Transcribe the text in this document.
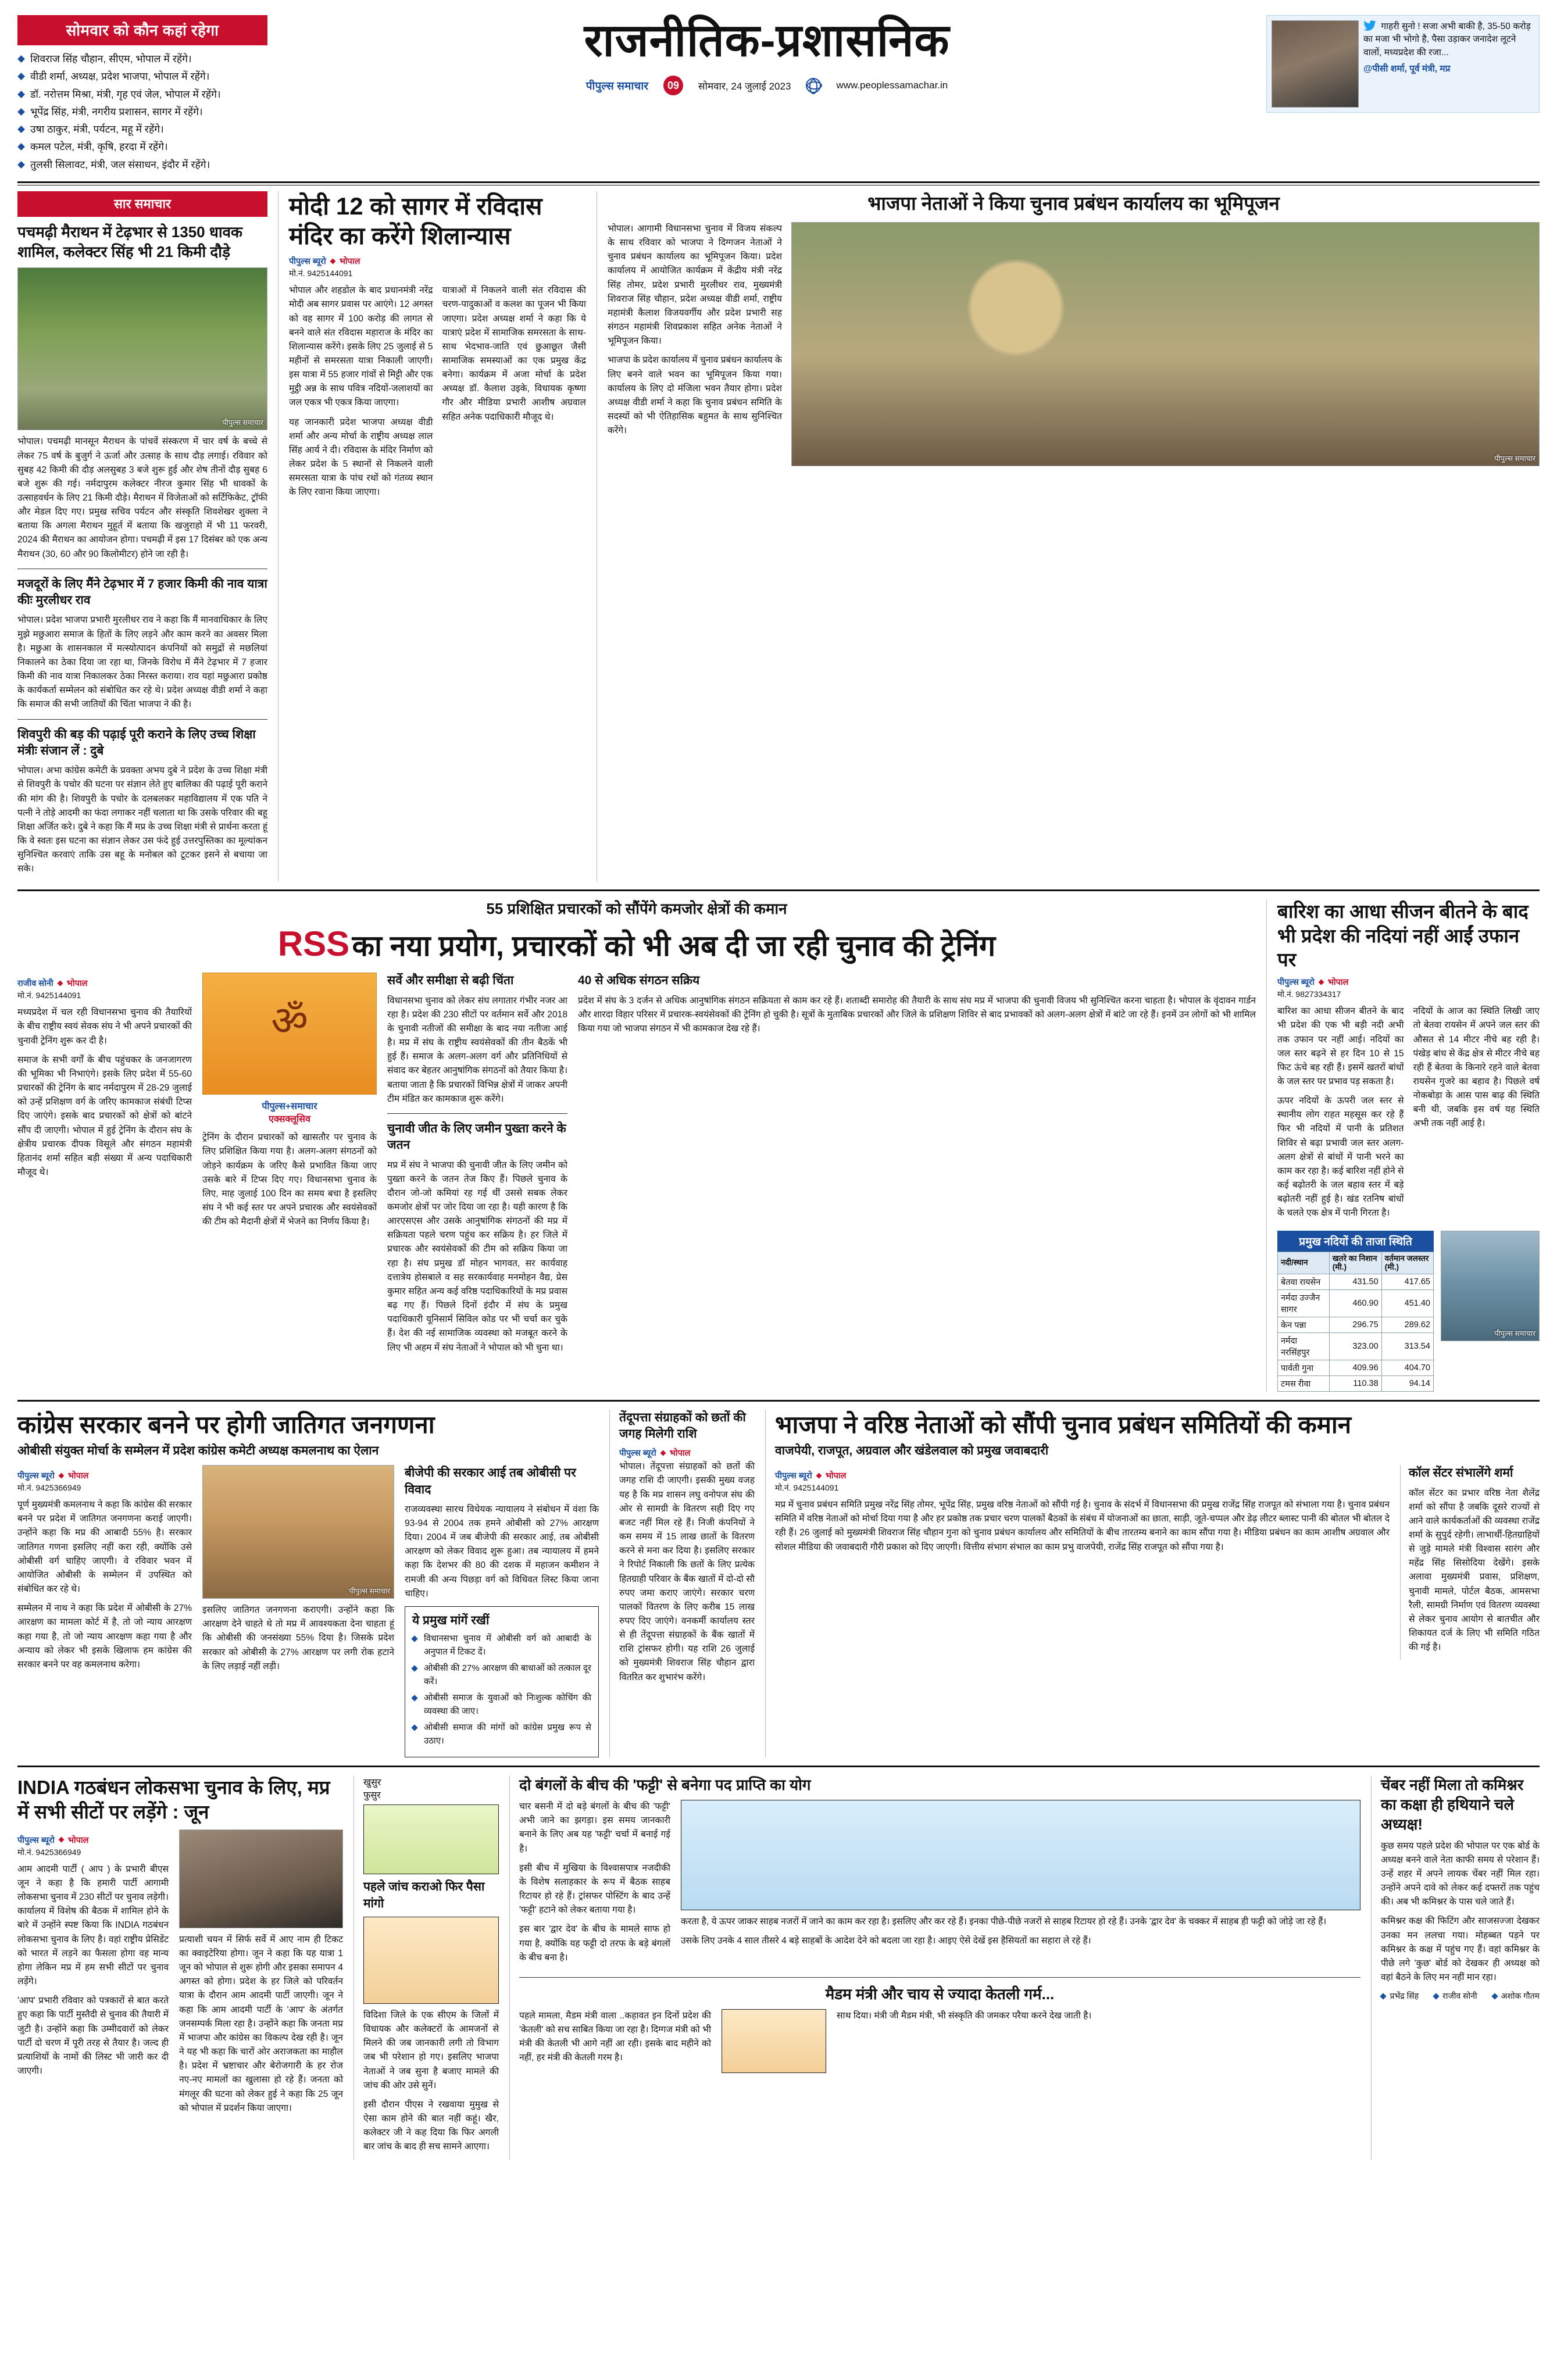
सोमवार को कौन कहां रहेगा
शिवराज सिंह चौहान, सीएम, भोपाल में रहेंगे।
वीडी शर्मा, अध्यक्ष, प्रदेश भाजपा, भोपाल में रहेंगे।
डॉ. नरोत्तम मिश्रा, मंत्री, गृह एवं जेल, भोपाल में रहेंगे।
भूपेंद्र सिंह, मंत्री, नगरीय प्रशासन, सागर में रहेंगे।
उषा ठाकुर, मंत्री, पर्यटन, महू में रहेंगे।
कमल पटेल, मंत्री, कृषि, हरदा में रहेंगे।
तुलसी सिलावट, मंत्री, जल संसाधन, इंदौर में रहेंगे।
राजनीतिक-प्रशासनिक
पीपुल्स समाचार	09	सोमवार, 24 जुलाई 2023	www.peoplessamachar.in
गाहरी सुनो ! सजा अभी बाकी है, 35-50 करोड़ का मजा भी भोगो है, पैसा उड़ाकर जनादेश लूटने वालों, मध्यप्रदेश की रजा...
@पीसी शर्मा, पूर्व मंत्री, मप्र
सार समाचार
पचमढ़ी मैराथन में टेढ़भार से 1350 धावक शामिल, कलेक्टर सिंह भी 21 किमी दौड़े
पीपुल्स समाचार

भोपाल। पचमढ़ी मानसून मैराथन के पांचवें संस्करण में चार वर्ष के बच्चे से लेकर 75 वर्ष के बुजुर्ग ने ऊर्जा और उत्साह के साथ दौड़ लगाई। रविवार को सुबह 42 किमी की दौड़ अलसुबह 3 बजे शुरू हुई और शेष तीनों दौड़ सुबह 6 बजे शुरू की गई। नर्मदापुरम कलेक्टर नीरज कुमार सिंह भी धावकों के उत्साहवर्धन के लिए 21 किमी दौड़े। मैराथन में विजेताओं को सर्टिफिकेट, ट्रॉफी और मेडल दिए गए। प्रमुख सचिव पर्यटन और संस्कृति शिवशेखर शुक्ला ने बताया कि अगला मैराथन मुहूर्त में बताया कि खजुराहो में भी 11 फरवरी, 2024 की मैराथन का आयोजन होगा। पचमढ़ी में इस 17 दिसंबर को एक अन्य मैराथन (30, 60 और 90 किलोमीटर) होने जा रही है।

मजदूरों के लिए मैंने टेढ़भार में 7 हजार किमी की नाव यात्रा कीः मुरलीधर राव

भोपाल। प्रदेश भाजपा प्रभारी मुरलीधर राव ने कहा कि मैं मानवाधिकार के लिए मुझे मछुआरा समाज के हितों के लिए लड़ने और काम करने का अवसर मिला है। मछुआ के शासनकाल में मत्स्योत्पादन कंपनियों को समुद्रों से मछलियां निकालने का ठेका दिया जा रहा था, जिनके विरोध में मैंने टेढ़भार में 7 हजार किमी की नाव यात्रा निकालकर ठेका निरस्त कराया। राव यहां मछुआरा प्रकोष्ठ के कार्यकर्ता सम्मेलन को संबोधित कर रहे थे। प्रदेश अध्यक्ष वीडी शर्मा ने कहा कि समाज की सभी जातियों की चिंता भाजपा ने की है।

शिवपुरी की बड़ की पढ़ाई पूरी कराने के लिए उच्च शिक्षा मंत्रीः संजान लें : दुबे

भोपाल। अभा कांग्रेस कमेटी के प्रवक्ता अभय दुबे ने प्रदेश के उच्च शिक्षा मंत्री से शिवपुरी के पचोर की घटना पर संज्ञान लेते हुए बालिका की पढ़ाई पूरी कराने की मांग की है। शिवपुरी के पचोर के दलबलकर महाविद्यालय में एक पति ने पत्नी ने तोड़े आदमी का फंदा लगाकर नहीं चलाता था कि उसके परिवार की बहू शिक्षा अर्जित करे। दुबे ने कहा कि मैं मप्र के उच्च शिक्षा मंत्री से प्रार्थना करता हूं कि वे स्वतः इस घटना का संज्ञान लेकर उस फंदे हुई उत्तरपुस्तिका का मूल्यांकन सुनिश्चित करवाएं ताकि उस बहू के मनोबल को टूटकर इसने से बचाया जा सके।

मोदी 12 को सागर में रविदास मंदिर का करेंगे शिलान्यास
पीपुल्स ब्यूरो भोपाल
मो.नं. 9425144091

भोपाल और शहडोल के बाद प्रधानमंत्री नरेंद्र मोदी अब सागर प्रवास पर आएंगे। 12 अगस्त को वह सागर में 100 करोड़ की लागत से बनने वाले संत रविदास महाराज के मंदिर का शिलान्यास करेंगे। इसके लिए 25 जुलाई से 5 महीनों से समरसता यात्रा निकाली जाएगी। इस यात्रा में 55 हजार गांवों से मिट्टी और एक मुट्ठी अन्न के साथ पवित्र नदियों-जलाशयों का जल एकत्र भी एकत्र किया जाएगा।

यह जानकारी प्रदेश भाजपा अध्यक्ष वीडी शर्मा और अन्य मोर्चा के राष्ट्रीय अध्यक्ष लाल सिंह आर्य ने दी। रविदास के मंदिर निर्माण को लेकर प्रदेश के 5 स्थानों से निकलने वाली समरसता यात्रा के पांच रथों को गंतव्य स्थान के लिए रवाना किया जाएगा।

यात्राओं में निकलने वाली संत रविदास की चरण-पादुकाओं व कलश का पूजन भी किया जाएगा। प्रदेश अध्यक्ष शर्मा ने कहा कि ये यात्राएं प्रदेश में सामाजिक समरसता के साथ-साथ भेदभाव-जाति एवं छुआछूत जैसी सामाजिक समस्याओं का एक प्रमुख केंद्र बनेगा। कार्यक्रम में अजा मोर्चा के प्रदेश अध्यक्ष डॉ. कैलाश उइके, विधायक कृष्णा गौर और मीडिया प्रभारी आशीष अग्रवाल सहित अनेक पदाधिकारी मौजूद थे।

भाजपा नेताओं ने किया चुनाव प्रबंधन कार्यालय का भूमिपूजन

भोपाल। आगामी विधानसभा चुनाव में विजय संकल्प के साथ रविवार को भाजपा ने दिग्गजन नेताओं ने चुनाव प्रबंधन कार्यालय का भूमिपूजन किया। प्रदेश कार्यालय में आयोजित कार्यक्रम में केंद्रीय मंत्री नरेंद्र सिंह तोमर, प्रदेश प्रभारी मुरलीधर राव, मुख्यमंत्री शिवराज सिंह चौहान, प्रदेश अध्यक्ष वीडी शर्मा, राष्ट्रीय महामंत्री कैलाश विजयवर्गीय और प्रदेश प्रभारी सह संगठन महामंत्री शिवप्रकाश सहित अनेक नेताओं ने भूमिपूजन किया।

भाजपा के प्रदेश कार्यालय में चुनाव प्रबंधन कार्यालय के लिए बनने वाले भवन का भूमिपूजन किया गया। कार्यालय के लिए दो मंजिला भवन तैयार होगा। प्रदेश अध्यक्ष वीडी शर्मा ने कहा कि चुनाव प्रबंधन समिति के सदस्यों को भी ऐतिहासिक बहुमत के साथ सुनिश्चित करेंगे।

पीपुल्स समाचार
55 प्रशिक्षित प्रचारकों को सौंपेंगे कमजोर क्षेत्रों की कमान
RSS का नया प्रयोग, प्रचारकों को भी अब दी जा रही चुनाव की ट्रेनिंग
राजीव सोनी भोपाल
मो.नं. 9425144091

मध्यप्रदेश में चल रही विधानसभा चुनाव की तैयारियों के बीच राष्ट्रीय स्वयं सेवक संघ ने भी अपने प्रचारकों की चुनावी ट्रेनिंग शुरू कर दी है।

समाज के सभी वर्गों के बीच पहुंचकर के जनजागरण की भूमिका भी निभाएंगे। इसके लिए प्रदेश में 55-60 प्रचारकों की ट्रेनिंग के बाद नर्मदापुरम में 28-29 जुलाई को उन्हें प्रशिक्षण वर्ग के जरिए कामकाज संबंधी टिप्स दिए जाएंगे। इसके बाद प्रचारकों को क्षेत्रों को बांटने सौंप दी जाएगी। भोपाल में हुई ट्रेनिंग के दौरान संघ के क्षेत्रीय प्रचारक दीपक विसूले और संगठन महामंत्री हितानंद शर्मा सहित बड़ी संख्या में अन्य पदाधिकारी मौजूद थे।

ॐ
पीपुल्स+समाचार
एक्सक्लूसिव

ट्रेनिंग के दौरान प्रचारकों को खासतौर पर चुनाव के लिए प्रशिक्षित किया गया है। अलग-अलग संगठनों को जोड़ने कार्यक्रम के जरिए कैसे प्रभावित किया जाए उसके बारे में टिप्स दिए गए। विधानसभा चुनाव के लिए, माह जुलाई 100 दिन का समय बचा है इसलिए संघ ने भी कई स्तर पर अपने प्रचारक और स्वयंसेवकों की टीम को मैदानी क्षेत्रों में भेजने का निर्णय किया है।

सर्वे और समीक्षा से बढ़ी चिंता

विधानसभा चुनाव को लेकर संघ लगातार गंभीर नजर आ रहा है। प्रदेश की 230 सीटों पर वर्तमान सर्वे और 2018 के चुनावी नतीजों की समीक्षा के बाद नया नतीजा आई है। मप्र में संघ के राष्ट्रीय स्वयंसेवकों की तीन बैठकें भी हुई हैं। समाज के अलग-अलग वर्ग और प्रतिनिधियों से संवाद कर बेहतर आनुषांगिक संगठनों को तैयार किया है। बताया जाता है कि प्रचारकों विभिन्न क्षेत्रों में जाकर अपनी टीम मंडित कर कामकाज शुरू करेंगे।

चुनावी जीत के लिए जमीन पुख्ता करने के जतन

मप्र में संघ ने भाजपा की चुनावी जीत के लिए जमीन को पुख्ता करने के जतन तेज किए हैं। पिछले चुनाव के दौरान जो-जो कमियां रह गई थीं उससे सबक लेकर कमजोर क्षेत्रों पर जोर दिया जा रहा है। यही कारण है कि आरएसएस और उसके आनुषांगिक संगठनों की मप्र में सक्रियता पहले चरण पहुंच कर सक्रिय है। हर जिले में प्रचारक और स्वयंसेवकों की टीम को सक्रिय किया जा रहा है। संघ प्रमुख डॉ मोहन भागवत, सर कार्यवाह दत्तात्रेय होसबाले व सह सरकार्यवाह मनमोहन वैद्य, प्रेस कुमार सहित अन्य कई वरिष्ठ पदाधिकारियों के मप्र प्रवास बढ़ गए हैं। पिछले दिनों इंदौर में संघ के प्रमुख पदाधिकारी यूनिसार्म सिविल कोड पर भी चर्चा कर चुके हैं। देश की नई सामाजिक व्यवस्था को मजबूत करने के लिए भी अहम में संघ नेताओं ने भोपाल को भी चुना था।

40 से अधिक संगठन सक्रिय

प्रदेश में संघ के 3 दर्जन से अधिक आनुषांगिक संगठन सक्रियता से काम कर रहे हैं। शताब्दी समारोह की तैयारी के साथ संघ मप्र में भाजपा की चुनावी विजय भी सुनिश्चित करना चाहता है। भोपाल के वृंदावन गार्डन और शारदा विहार परिसर में प्रचारक-स्वयंसेवकों की ट्रेनिंग हो चुकी है। सूत्रों के मुताबिक प्रचारकों और जिले के प्रशिक्षण शिविर से बाद प्रभावकों को अलग-अलग क्षेत्रों में बांटे जा रहे हैं। इनमें उन लोगों को भी शामिल किया गया जो भाजपा संगठन में भी कामकाज देख रहे हैं।

बारिश का आधा सीजन बीतने के बाद भी प्रदेश की नदियां नहीं आईं उफान पर
पीपुल्स ब्यूरो भोपाल
मो.नं. 9827334317

बारिश का आधा सीजन बीतने के बाद भी प्रदेश की एक भी बड़ी नदी अभी तक उफान पर नहीं आई। नदियों का जल स्तर बढ़ने से हर दिन 10 से 15 फिट ऊंचे बह रही हैं। इसमें खतरों बांधों के जल स्तर पर प्रभाव पड़ सकता है।

ऊपर नदियों के ऊपरी जल स्तर से स्थानीय लोग राहत महसूस कर रहे हैं फिर भी नदियों में पानी के प्रतिशत शिविर से बढ़ा प्रभावी जल स्तर अलग-अलग क्षेत्रों से बांधों में पानी भरने का काम कर रहा है। कई बारिश नहीं होने से कई बढ़ोतरी के जल बहाव स्तर में बड़े बढ़ोतरी नहीं हुई है। खंड रतनिष बांधों के चलते एक क्षेत्र में पानी गिरता है।

नदियों के आज का स्थिति लिखी जाए तो बेतवा रायसेन में अपने जल स्तर की औसत से 14 मीटर नीचे बह रही है। पंखेड़ बांध से केंद्र क्षेत्र से मीटर नीचे बह रही हैं बेतवा के किनारे रहने वाले बेतवा रायसेन गुजरे का बहाव है। पिछले वर्ष नोकबोड़ा के आस पास बाढ़ की स्थिति बनी थी, जबकि इस वर्ष यह स्थिति अभी तक नहीं आई है।

प्रमुख नदियों की ताजा स्थिति
नदी/स्थान	खतरे का निशान (मी.)	वर्तमान जलस्तर (मी.)
बेतवा रायसेन	431.50	417.65
नर्मदा उज्जैन सागर	460.90	451.40
केन पन्ना	296.75	289.62
नर्मदा नरसिंहपुर	323.00	313.54
पार्वती गुना	409.96	404.70
टमस रीवा	110.38	94.14
पीपुल्स समाचार
कांग्रेस सरकार बनने पर होगी जातिगत जनगणना
ओबीसी संयुक्त मोर्चा के सम्मेलन में प्रदेश कांग्रेस कमेटी अध्यक्ष कमलनाथ का ऐलान
पीपुल्स ब्यूरो भोपाल
मो.नं. 9425366949

पूर्ण मुख्यमंत्री कमलनाथ ने कहा कि कांग्रेस की सरकार बनने पर प्रदेश में जातिगत जनगणना कराई जाएगी। उन्होंने कहा कि मप्र की आबादी 55% है। सरकार जातिगत गणना इसलिए नहीं करा रही, क्योंकि उसे ओबीसी वर्ग चाहिए जाएगी। वे रविवार भवन में आयोजित ओबीसी के सम्मेलन में उपस्थित को संबोधित कर रहे थे।

सम्मेलन में नाथ ने कहा कि प्रदेश में ओबीसी के 27% आरक्षण का मामला कोर्ट में है, तो जो न्याय आरक्षण कहा गया है, तो जो न्याय आरक्षण कहा गया है और अन्याय को लेकर भी इसके खिलाफ हम कांग्रेस की सरकार बनने पर वह कमलनाथ करेगा।

पीपुल्स समाचार

इसलिए जातिगत जनगणना कराएगी। उन्होंने कहा कि आरक्षण देने चाहते थे तो मप्र में आवश्यकता देना चाहता हूं कि ओबीसी की जनसंख्या 55% दिया है। जिसके प्रदेश सरकार को ओबीसी के 27% आरक्षण पर लगी रोक हटाने के लिए लड़ाई नहीं लड़ी।

बीजेपी की सरकार आई तब ओबीसी पर विवाद

राजव्यवस्था सारथ विधेयक न्यायालय ने संबोधन में वंशा कि 93-94 से 2004 तक हमने ओबीसी को 27% आरक्षण दिया। 2004 में जब बीजेपी की सरकार आई, तब ओबीसी आरक्षण को लेकर विवाद शुरू हुआ। तब न्यायालय में हमने कहा कि देशभर की 80 की दशक में महाजन कमीशन ने रामजी की अन्य पिछड़ा वर्ग को विधिवत लिस्ट किया जाना चाहिए।

ये प्रमुख मांगें रखीं
विधानसभा चुनाव में ओबीसी वर्ग को आबादी के अनुपात में टिकट दें।
ओबीसी की 27% आरक्षण की बाधाओं को तत्काल दूर करें।
ओबीसी समाज के युवाओं को निःशुल्क कोचिंग की व्यवस्था की जाए।
ओबीसी समाज की मांगों को कांग्रेस प्रमुख रूप से उठाए।
तेंदूपत्ता संग्राहकों को छतों की जगह मिलेगी राशि
पीपुल्स ब्यूरो भोपाल

भोपाल। तेंदूपत्ता संग्राहकों को छतों की जगह राशि दी जाएगी। इसकी मुख्य वजह यह है कि मप्र शासन लघु वनोपज संघ की ओर से सामग्री के वितरण सही दिए गए बजट नहीं मिल रहे हैं। निजी कंपनियों ने कम समय में 15 लाख छातों के वितरण करने से मना कर दिया है। इसलिए सरकार ने रिपोर्ट निकाली कि छतों के लिए प्रत्येक हितग्राही परिवार के बैंक खातों में दो-दो सौ रुपए जमा कराए जाएंगे। सरकार चरण पालकों वितरण के लिए करीब 15 लाख रुपए दिए जाएंगे। वनकर्मी कार्यालय स्तर से ही तेंदूपत्ता संग्राहकों के बैंक खातों में राशि ट्रांसफर होगी। यह राशि 26 जुलाई को मुख्यमंत्री शिवराज सिंह चौहान द्वारा वितरित कर शुभारंभ करेंगे।

भाजपा ने वरिष्ठ नेताओं को सौंपी चुनाव प्रबंधन समितियों की कमान
वाजपेयी, राजपूत, अग्रवाल और खंडेलवाल को प्रमुख जवाबदारी
पीपुल्स ब्यूरो भोपाल
मो.नं. 9425144091

मप्र में चुनाव प्रबंधन समिति प्रमुख नरेंद्र सिंह तोमर, भूपेंद्र सिंह, प्रमुख वरिष्ठ नेताओं को सौंपी गई है। चुनाव के संदर्भ में विधानसभा की प्रमुख राजेंद्र सिंह राजपूत को संभाला गया है। चुनाव प्रबंधन समिति में वरिष्ठ नेताओं को मोर्चा दिया गया है और हर प्रकोष्ठ तक प्रचार चरण पालकों बैठकों के संबंध में योजनाओं का छाता, साड़ी, जूते-चप्पल और डेढ़ लीटर ब्लास्ट पानी की बोतल भी बोतल दे रही हैं। 26 जुलाई को मुख्यमंत्री शिवराज सिंह चौहान गुना को चुनाव प्रबंधन कार्यालय और समितियों के बीच तारतम्य बनाने का काम सौंपा गया है। मीडिया प्रबंधन का काम आशीष अग्रवाल और सोशल मीडिया की जवाबदारी गौरी प्रकाश को दिए जाएगी। वित्तीय संभाग संभाल का काम प्रभु वाजपेयी, राजेंद्र सिंह राजपूत को सौंपा गया है।

कॉल सेंटर संभालेंगे शर्मा

कॉल सेंटर का प्रभार वरिष्ठ नेता शैलेंद्र शर्मा को सौंपा है जबकि दूसरे राज्यों से आने वाले कार्यकर्ताओं की व्यवस्था राजेंद्र शर्मा के सुपुर्द रहेगी। लाभार्थी-हितग्राहियों से जुड़े मामले मंत्री विश्वास सारंग और महेंद्र सिंह सिसोदिया देखेंगे। इसके अलावा मुख्यमंत्री प्रवास, प्रशिक्षण, चुनावी मामले, पोर्टल बैठक, आमसभा रैली, सामग्री निर्माण एवं वितरण व्यवस्था से लेकर चुनाव आयोग से बातचीत और शिकायत दर्ज के लिए भी समिति गठित की गई है।

INDIA गठबंधन लोकसभा चुनाव के लिए, मप्र में सभी सीटों पर लड़ेंगे : जून
पीपुल्स ब्यूरो भोपाल
मो.नं. 9425366949

आम आदमी पार्टी ( आप ) के प्रभारी बीएस जून ने कहा है कि हमारी पार्टी आगामी लोकसभा चुनाव में 230 सीटों पर चुनाव लड़ेगी। कार्यालय में विशेष की बैठक में शामिल होने के बारे में उन्होंने स्पष्ट किया कि INDIA गठबंधन लोकसभा चुनाव के लिए है। वहां राष्ट्रीय प्रेसिडेंट को भारत में लड़ने का फैसला होगा वह मान्य होगा लेकिन मप्र में हम सभी सीटों पर चुनाव लड़ेंगे।

'आप' प्रभारी रविवार को पत्रकारों से बात करते हुए कहा कि पार्टी मुस्तैदी से चुनाव की तैयारी में जुटी है। उन्होंने कहा कि उम्मीदवारों को लेकर पार्टी दो चरण में पूरी तरह से तैयार है। जल्द ही प्रत्याशियों के नामों की लिस्ट भी जारी कर दी जाएगी।

प्रत्याशी चयन में सिर्फ सर्वे में आए नाम ही टिकट का क्वाइटेरिया होगा। जून ने कहा कि यह यात्रा 1 जून को भोपाल से शुरू होगी और इसका समापन 4 अगस्त को होगा। प्रदेश के हर जिले को परिवर्तन यात्रा के दौरान आम आदमी पार्टी जाएगी। जून ने कहा कि आम आदमी पार्टी के 'आप' के अंतर्गत जनसम्पर्क मिला रहा है। उन्होंने कहा कि जनता मप्र में भाजपा और कांग्रेस का विकल्प देख रही है। जून ने यह भी कहा कि चारों ओर अराजकता का माहौल है। प्रदेश में भ्रष्टाचार और बेरोजगारी के हर रोज नए-नए मामलों का खुलासा हो रहे हैं। जनता को मंगलूर की घटना को लेकर हुई ने कहा कि 25 जून को भोपाल में प्रदर्शन किया जाएगा।

खुसुर
फुसुर
पहले जांच कराओ फिर पैसा मांगो

विदिशा जिले के एक सीएम के जिलों में विधायक और कलेक्टरों के आमजनों से मिलने की जब जानकारी लगी तो विभाग जब भी परेशान हो गए। इसलिए भाजपा नेताओं ने जब सुना है बजाए मामले की जांच की ओर उसे सुनें।

इसी दौरान पीएस ने रखवाया मुमुख से ऐसा काम होने की बात नहीं कहूं। खैर, कलेक्टर जी ने कह दिया कि फिर अगली बार जांच के बाद ही सच सामने आएगा।

दो बंगलों के बीच की 'फट्टी' से बनेगा पद प्राप्ति का योग

चार बसनी में दो बड़े बंगलों के बीच की 'फट्टी' अभी जाने का झगड़ा। इस समय जानकारी बनाने के लिए अब यह 'फट्टी' चर्चा में बनाई गई है।

इसी बीच में मुखिया के विश्वासपात्र नजदीकी के विशेष सलाहकार के रूप में बैठक साहब रिटायर हो रहे हैं। ट्रांसफर पोस्टिंग के बाद उन्हें 'फट्टी' हटाने को लेकर बताया गया है।

इस बार 'द्वार देव' के बीच के मामले साफ हो गया है, क्योंकि यह फट्टी दो तरफ के बड़े बंगलों के बीच बना है।

करता है, ये ऊपर जाकर साहब नजरों में जाने का काम कर रहा है। इसलिए और कर रहे हैं। इनका पीछे-पीछे नजरों से साहब रिटायर हो रहे हैं। उनके 'द्वार देव' के चक्कर में साहब ही फट्टी को जोड़े जा रहे हैं।

उसके लिए उनके 4 साल तीसरे 4 बड़े साहबों के आदेश देने को बदला जा रहा है। आइए ऐसे देखें इस हैसियतों का सहारा ले रहे हैं।

मैडम मंत्री और चाय से ज्यादा केतली गर्म...

पहले मामला, मैडम मंत्री वाला ..कहावत इन दिनों प्रदेश की 'केतली' को सच साबित किया जा रहा है। दिग्गज मंत्री को भी मंत्री की केतली भी आगे नहीं आ रही। इसके बाद महीने को नहीं, हर मंत्री की केतली गरम है।

साथ दिया। मंत्री जी मैडम मंत्री, भी संस्कृति की जमकर परैया करने देख जाती है।

चेंबर नहीं मिला तो कमिश्नर का कक्षा ही हथियाने चले अध्यक्ष!

कुछ समय पहले प्रदेश की भोपाल पर एक बोर्ड के अध्यक्ष बनने वाले नेता काफी समय से परेशान हैं। उन्हें शहर में अपने लायक चेंबर नहीं मिल रहा। उन्होंने अपने दावे को लेकर कई दफ्तरों तक पहुंच की। अब भी कमिश्नर के पास चले जाते हैं।

कमिश्नर कक्ष की फिटिंग और साजसज्जा देखकर उनका मन ललचा गया। मोहब्बत पड़ने पर कमिश्नर के कक्ष में पहुंच गए हैं। वहां कमिश्नर के पीछे लगे 'कुछ' बोर्ड को देखकर ही अध्यक्ष को वहां बैठने के लिए मन नहीं मान रहा।

प्रभेंद्र सिंह	राजीव सोनी	अशोक गौतम
